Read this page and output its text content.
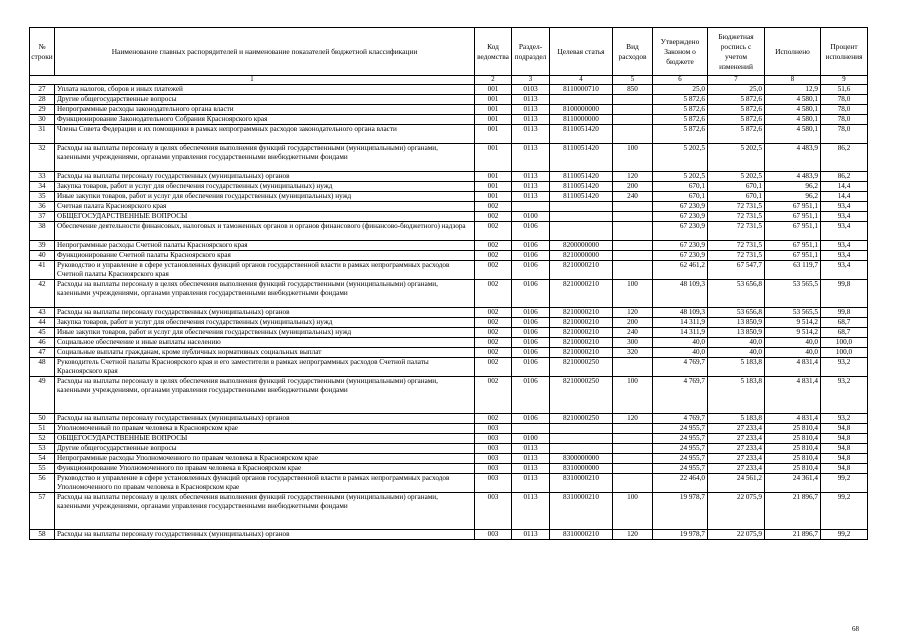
№ строки	Наименование главных распорядителей и наименование показателей бюджетной классификации	Код ведомства	Раздел-подраздел	Целевая статья	Вид расходов	Утверждено Законом о бюджете	Бюджетная роспись с учетом изменений	Исполнено	Процент исполнения
1		2	3	4	5	6	7	8	9
27	Уплата налогов, сборов и иных платежей	001	0103	8110000710	850	25,0	25,0	12,9	51,6
28	Другие общегосударственные вопросы	001	0113			5 872,6	5 872,6	4 580,1	78,0
29	Непрограммные расходы законодательного органа власти	001	0113	8100000000		5 872,6	5 872,6	4 580,1	78,0
30	Функционирование Законодательного Собрания Красноярского края	001	0113	8110000000		5 872,6	5 872,6	4 580,1	78,0
31	Члены Совета Федерации и их помощники в рамках непрограммных расходов законодательного органа власти	001	0113	8110051420		5 872,6	5 872,6	4 580,1	78,0
32	Расходы на выплаты персоналу в целях обеспечения выполнения функций государственными (муниципальными) органами, казенными учреждениями, органами управления государственными внебюджетными фондами	001	0113	8110051420	100	5 202,5	5 202,5	4 483,9	86,2
33	Расходы на выплаты персоналу государственных (муниципальных) органов	001	0113	8110051420	120	5 202,5	5 202,5	4 483,9	86,2
34	Закупка товаров, работ и услуг для обеспечения государственных (муниципальных) нужд	001	0113	8110051420	200	670,1	670,1	96,2	14,4
35	Иные закупки товаров, работ и услуг для обеспечения государственных (муниципальных) нужд	001	0113	8110051420	240	670,1	670,1	96,2	14,4
36	Счетная палата Красноярского края	002				67 230,9	72 731,5	67 951,1	93,4
37	ОБЩЕГОСУДАРСТВЕННЫЕ ВОПРОСЫ	002	0100			67 230,9	72 731,5	67 951,1	93,4
38	Обеспечение деятельности финансовых, налоговых и таможенных органов и органов финансового (финансово-бюджетного) надзора	002	0106			67 230,9	72 731,5	67 951,1	93,4
39	Непрограммные расходы Счетной палаты Красноярского края	002	0106	8200000000		67 230,9	72 731,5	67 951,1	93,4
40	Функционирование Счетной палаты Красноярского края	002	0106	8210000000		67 230,9	72 731,5	67 951,1	93,4
41	Руководство и управление в сфере установленных функций органов государственной власти в рамках непрограммных расходов Счетной палаты Красноярского края	002	0106	8210000210		62 461,2	67 547,7	63 119,7	93,4
42	Расходы на выплаты персоналу в целях обеспечения выполнения функций государственными (муниципальными) органами, казенными учреждениями, органами управления государственными внебюджетными фондами	002	0106	8210000210	100	48 109,3	53 656,8	53 565,5	99,8
43	Расходы на выплаты персоналу государственных (муниципальных) органов	002	0106	8210000210	120	48 109,3	53 656,8	53 565,5	99,8
44	Закупка товаров, работ и услуг для обеспечения государственных (муниципальных) нужд	002	0106	8210000210	200	14 311,9	13 850,9	9 514,2	68,7
45	Иные закупки товаров, работ и услуг для обеспечения государственных (муниципальных) нужд	002	0106	8210000210	240	14 311,9	13 850,9	9 514,2	68,7
46	Социальное обеспечение и иные выплаты населению	002	0106	8210000210	300	40,0	40,0	40,0	100,0
47	Социальные выплаты гражданам, кроме публичных нормативных социальных выплат	002	0106	8210000210	320	40,0	40,0	40,0	100,0
48	Руководитель Счетной палаты Красноярского края и его заместители в рамках непрограммных расходов Счетной палаты Красноярского края	002	0106	8210000250		4 769,7	5 183,8	4 831,4	93,2
49	Расходы на выплаты персоналу в целях обеспечения выполнения функций государственными (муниципальными) органами, казенными учреждениями, органами управления государственными внебюджетными фондами	002	0106	8210000250	100	4 769,7	5 183,8	4 831,4	93,2
50	Расходы на выплаты персоналу государственных (муниципальных) органов	002	0106	8210000250	120	4 769,7	5 183,8	4 831,4	93,2
51	Уполномоченный по правам человека в Красноярском крае	003				24 955,7	27 233,4	25 810,4	94,8
52	ОБЩЕГОСУДАРСТВЕННЫЕ ВОПРОСЫ	003	0100			24 955,7	27 233,4	25 810,4	94,8
53	Другие общегосударственные вопросы	003	0113			24 955,7	27 233,4	25 810,4	94,8
54	Непрограммные расходы Уполномоченного по правам человека в Красноярском крае	003	0113	8300000000		24 955,7	27 233,4	25 810,4	94,8
55	Функционирование Уполномоченного по правам человека в Красноярском крае	003	0113	8310000000		24 955,7	27 233,4	25 810,4	94,8
56	Руководство и управление в сфере установленных функций органов государственной власти в рамках непрограммных расходов Уполномоченного по правам человека в Красноярском крае	003	0113	8310000210		22 464,0	24 561,2	24 361,4	99,2
57	Расходы на выплаты персоналу в целях обеспечения выполнения функций государственными (муниципальными) органами, казенными учреждениями, органами управления государственными внебюджетными фондами	003	0113	8310000210	100	19 978,7	22 075,9	21 896,7	99,2
58	Расходы на выплаты персоналу государственных (муниципальных) органов	003	0113	8310000210	120	19 978,7	22 075,9	21 896,7	99,2
68
